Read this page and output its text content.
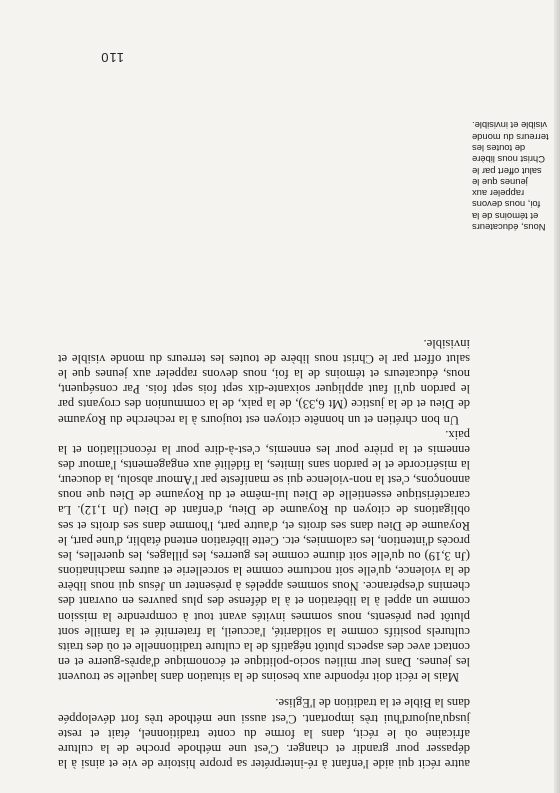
autre récit qui aide l'enfant à ré-interpréter sa propre histoire de vie et ainsi à la dépasser pour grandir et changer. C'est une méthode proche de la culture africaine où le récit, dans la forme du conte traditionnel, était et reste jusqu'aujourd'hui très important. C'est aussi une méthode très fort développée dans la Bible et la tradition de l'Eglise.

Mais le récit doit répondre aux besoins de la situation dans laquelle se trouvent les jeunes. Dans leur milieu socio-politique et économique d'après-guerre et en contact avec des aspects plutôt négatifs de la culture traditionnelle et où des traits culturels positifs comme la solidarité, l'accueil, la fraternité et la famille sont plutôt peu présents, nous sommes invités avant tout à comprendre la mission comme un appel à la libération et à la défense des plus pauvres en ouvrant des chemins d'espérance. Nous sommes appelés à présenter un Jésus qui nous libère de la violence, qu'elle soit nocturne comme la sorcellerie et autres machinations (Jn 3,19) ou qu'elle soit diurne comme les guerres, les pillages, les querelles, les procès d'intention, les calomnies, etc. Cette libération entend établir, d'une part, le Royaume de Dieu dans ses droits et, d'autre part, l'homme dans ses droits et ses obligations de citoyen du Royaume de Dieu, d'enfant de Dieu (Jn 1,12). La caractéristique essentielle de Dieu lui-même et du Royaume de Dieu que nous annonçons, c'est la non-violence qui se manifeste par l'Amour absolu, la douceur, la miséricorde et le pardon sans limites, la fidélité aux engagements, l'amour des ennemis et la prière pour les ennemis, c'est-à-dire pour la réconciliation et la paix.

Un bon chrétien et un honnête citoyen est toujours à la recherche du Royaume de Dieu et de la justice (Mt 6,33), de la paix, de la communion des croyants par le pardon qu'il faut appliquer soixante-dix sept fois sept fois. Par conséquent, nous, éducateurs et témoins de la foi, nous devons rappeler aux jeunes que le salut offert par le Christ nous libère de toutes les terreurs du monde visible et invisible.

Nous, éducateurs et témoins de la foi, nous devons rappeler aux jeunes que le salut offert par le Christ nous libère de toutes les terreurs du monde visible et invisible.
110
